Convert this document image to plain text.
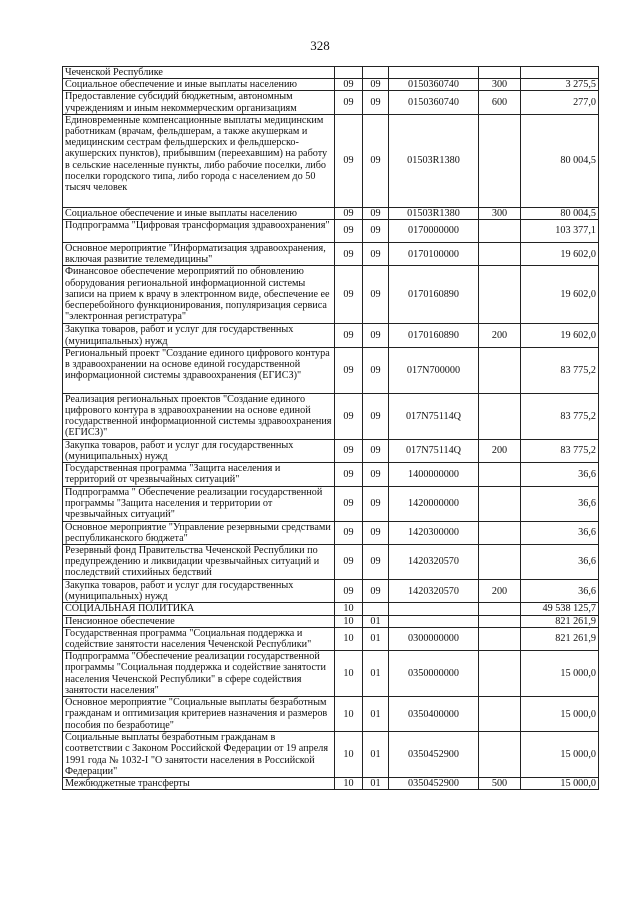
328
Чеченской Республике					
Социальное обеспечение и иные выплаты населению	09	09	0150360740	300	3 275,5
Предоставление субсидий бюджетным, автономным учреждениям и иным некоммерческим организациям	09	09	0150360740	600	277,0
Единовременные компенсационные выплаты медицинским работникам (врачам, фельдшерам, а также акушеркам и медицинским сестрам фельдшерских и фельдшерско-акушерских пунктов), прибывшим (переехавшим) на работу в сельские населенные пункты, либо рабочие поселки, либо поселки городского типа, либо города с населением до 50 тысяч человек	09	09	01503R1380		80 004,5
Социальное обеспечение и иные выплаты населению	09	09	01503R1380	300	80 004,5
Подпрограмма "Цифровая трансформация здравоохранения"	09	09	0170000000		103 377,1
Основное мероприятие "Информатизация здравоохранения, включая развитие телемедицины"	09	09	0170100000		19 602,0
Финансовое обеспечение мероприятий по обновлению оборудования региональной информационной системы записи на прием к врачу в электронном виде, обеспечение ее бесперебойного функционирования, популяризация сервиса "электронная регистратура"	09	09	0170160890		19 602,0
Закупка товаров, работ и услуг для государственных (муниципальных) нужд	09	09	0170160890	200	19 602,0
Региональный проект "Создание единого цифрового контура в здравоохранении на основе единой государственной информационной системы здравоохранения (ЕГИСЗ)"	09	09	017N700000		83 775,2
Реализация региональных проектов "Создание единого цифрового контура в здравоохранении на основе единой государственной информационной системы здравоохранения (ЕГИСЗ)"	09	09	017N75114Q		83 775,2
Закупка товаров, работ и услуг для государственных (муниципальных) нужд	09	09	017N75114Q	200	83 775,2
Государственная программа "Защита населения и территорий от чрезвычайных ситуаций"	09	09	1400000000		36,6
Подпрограмма " Обеспечение реализации государственной программы "Защита населения и территории от чрезвычайных ситуаций"	09	09	1420000000		36,6
Основное мероприятие "Управление резервными средствами республиканского бюджета"	09	09	1420300000		36,6
Резервный фонд Правительства Чеченской Республики по предупреждению и ликвидации чрезвычайных ситуаций и последствий стихийных бедствий	09	09	1420320570		36,6
Закупка товаров, работ и услуг для государственных (муниципальных) нужд	09	09	1420320570	200	36,6
СОЦИАЛЬНАЯ ПОЛИТИКА	10				49 538 125,7
Пенсионное обеспечение	10	01			821 261,9
Государственная программа "Социальная поддержка и содействие занятости населения Чеченской Республики"	10	01	0300000000		821 261,9
Подпрограмма "Обеспечение реализации государственной программы "Социальная поддержка и содействие занятости населения Чеченской Республики" в сфере содействия занятости населения"	10	01	0350000000		15 000,0
Основное мероприятие "Социальные выплаты безработным гражданам и оптимизация критериев назначения и размеров пособия по безработице"	10	01	0350400000		15 000,0
Социальные выплаты безработным гражданам в соответствии с Законом Российской Федерации от 19 апреля 1991 года № 1032-I "О занятости населения в Российской Федерации"	10	01	0350452900		15 000,0
Межбюджетные трансферты	10	01	0350452900	500	15 000,0
